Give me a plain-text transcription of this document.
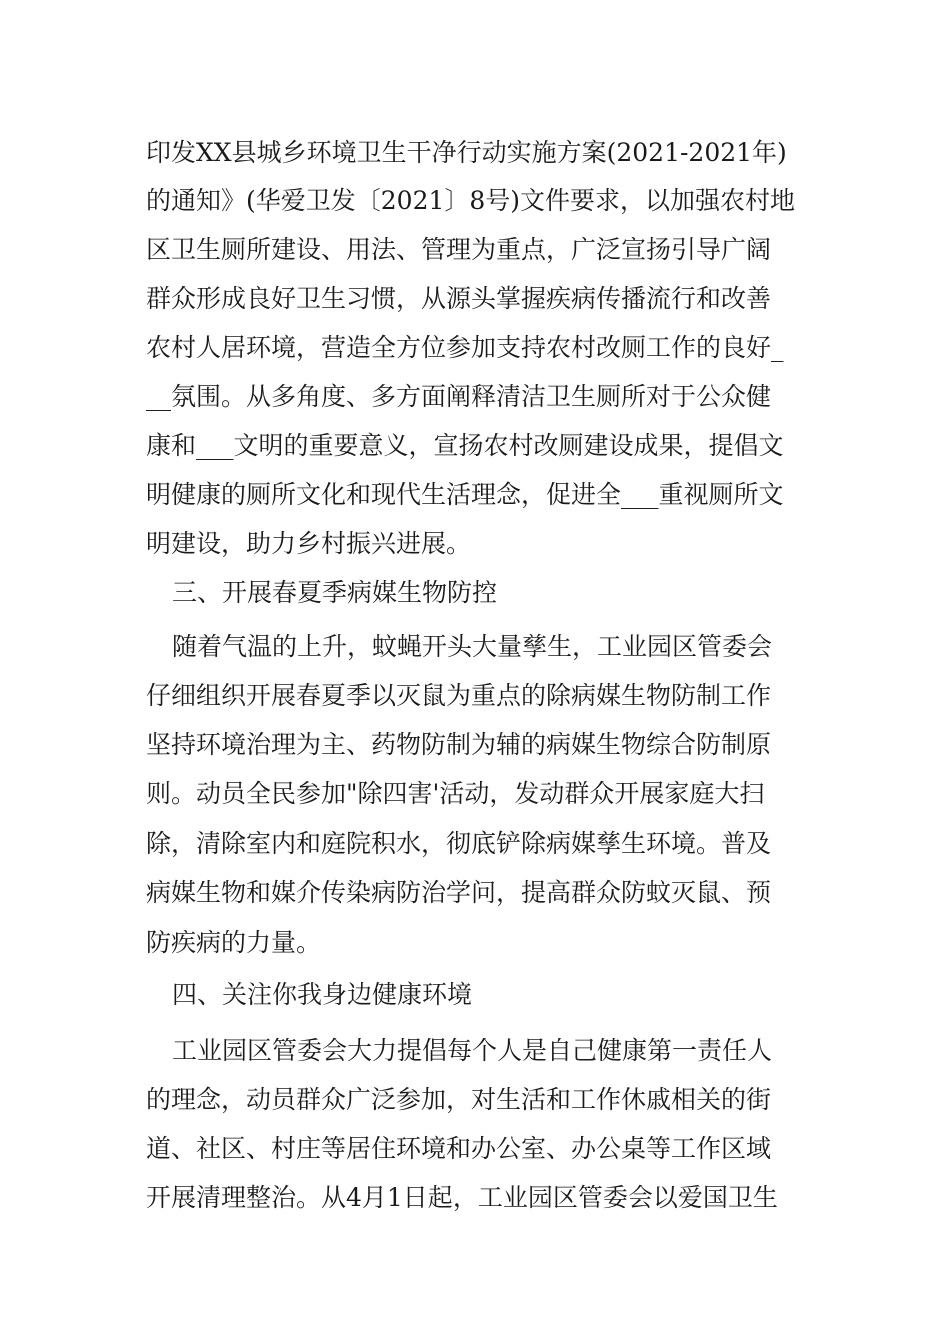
印发XX县城乡环境卫生干净行动实施方案(2021-2021年)
的通知》(华爱卫发〔2021〕8号)文件要求，以加强农村地
区卫生厕所建设、用法、管理为重点，广泛宣扬引导广阔
群众形成良好卫生习惯，从源头掌握疾病传播流行和改善
农村人居环境，营造全方位参加支持农村改厕工作的良好_
__氛围。从多角度、多方面阐释清洁卫生厕所对于公众健
康和___文明的重要意义，宣扬农村改厕建设成果，提倡文
明健康的厕所文化和现代生活理念，促进全___重视厕所文
明建设，助力乡村振兴进展。
三、开展春夏季病媒生物防控
随着气温的上升，蚊蝇开头大量孳生，工业园区管委会
仔细组织开展春夏季以灭鼠为重点的除病媒生物防制工作
坚持环境治理为主、药物防制为辅的病媒生物综合防制原
则。动员全民参加"除四害'活动，发动群众开展家庭大扫
除，清除室内和庭院积水，彻底铲除病媒孳生环境。普及
病媒生物和媒介传染病防治学问，提高群众防蚊灭鼠、预
防疾病的力量。
四、关注你我身边健康环境
工业园区管委会大力提倡每个人是自己健康第一责任人
的理念，动员群众广泛参加，对生活和工作休戚相关的街
道、社区、村庄等居住环境和办公室、办公桌等工作区域
开展清理整治。从4月1日起，工业园区管委会以爱国卫生
